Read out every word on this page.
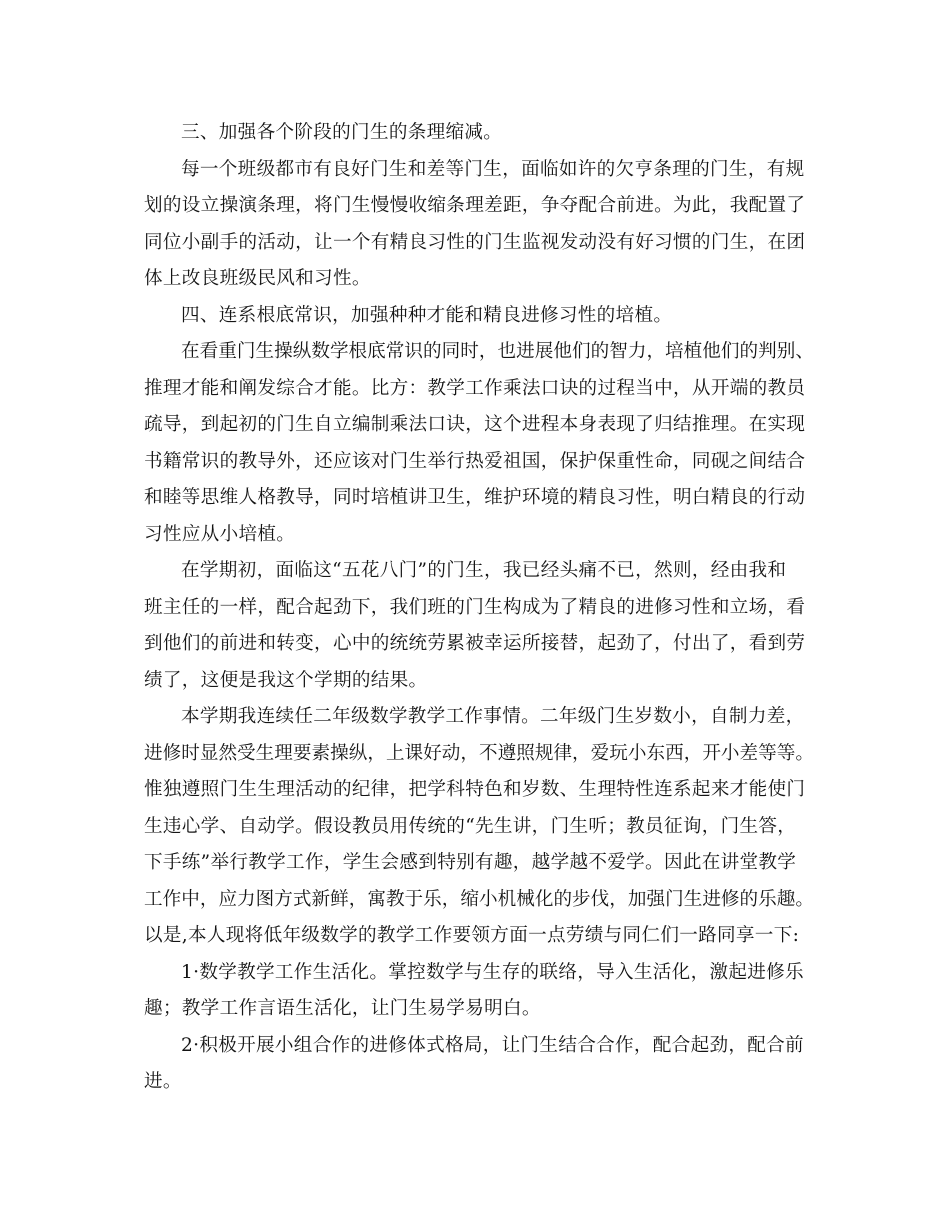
三、加强各个阶段的门生的条理缩减。
每一个班级都市有良好门生和差等门生，面临如许的欠亨条理的门生，有规
划的设立操演条理，将门生慢慢收缩条理差距，争夺配合前进。为此，我配置了
同位小副手的活动，让一个有精良习性的门生监视发动没有好习惯的门生，在团
体上改良班级民风和习性。
四、连系根底常识，加强种种才能和精良进修习性的培植。
在看重门生操纵数学根底常识的同时，也进展他们的智力，培植他们的判别、
推理才能和阐发综合才能。比方：教学工作乘法口诀的过程当中，从开端的教员
疏导，到起初的门生自立编制乘法口诀，这个进程本身表现了归结推理。在实现
书籍常识的教导外，还应该对门生举行热爱祖国，保护保重性命，同砚之间结合
和睦等思维人格教导，同时培植讲卫生，维护环境的精良习性，明白精良的行动
习性应从小培植。
在学期初，面临这“五花八门”的门生，我已经头痛不已，然则，经由我和
班主任的一样，配合起劲下，我们班的门生构成为了精良的进修习性和立场，看
到他们的前进和转变，心中的统统劳累被幸运所接替，起劲了，付出了，看到劳
绩了，这便是我这个学期的结果。
本学期我连续任二年级数学教学工作事情。二年级门生岁数小，自制力差，
进修时显然受生理要素操纵，上课好动，不遵照规律，爱玩小东西，开小差等等。
惟独遵照门生生理活动的纪律，把学科特色和岁数、生理特性连系起来才能使门
生违心学、自动学。假设教员用传统的“先生讲，门生听；教员征询，门生答，
下手练”举行教学工作，学生会感到特别有趣，越学越不爱学。因此在讲堂教学
工作中，应力图方式新鲜，寓教于乐，缩小机械化的步伐，加强门生进修的乐趣。
以是,本人现将低年级数学的教学工作要领方面一点劳绩与同仁们一路同享一下:
1·数学教学工作生活化。掌控数学与生存的联络，导入生活化，激起进修乐
趣；教学工作言语生活化，让门生易学易明白。
2·积极开展小组合作的进修体式格局，让门生结合合作，配合起劲，配合前
进。
